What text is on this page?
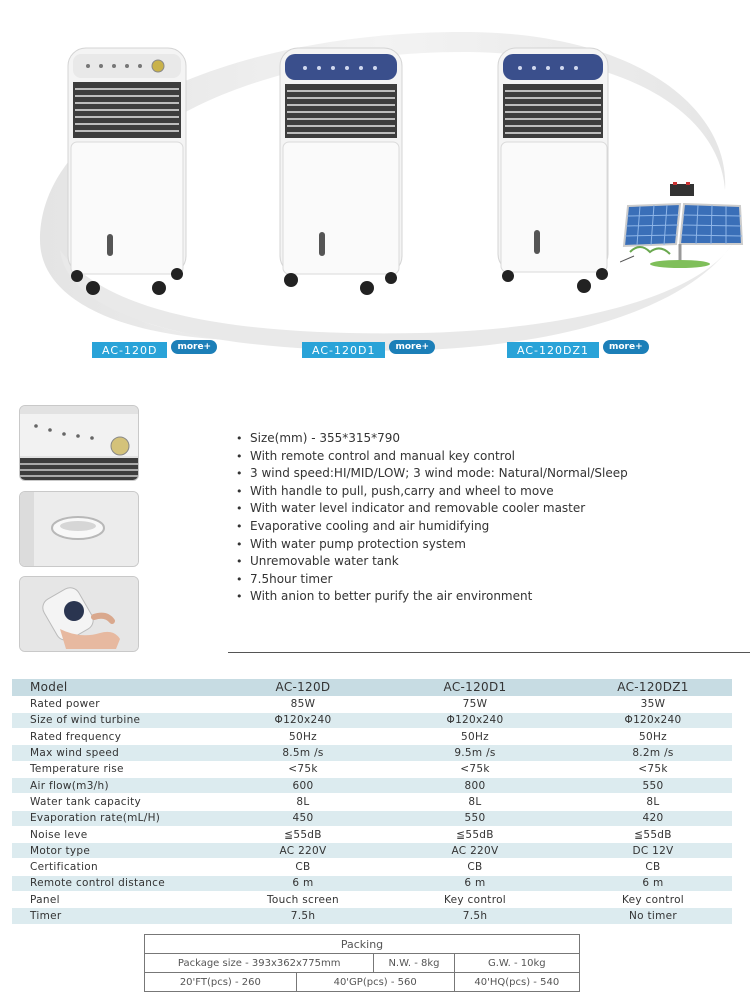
AC-120D	more+	AC-120D1	more+	AC-120DZ1	more+
• Size(mm) - 355*315*790
• With remote control and manual key control
• 3 wind speed:HI/MID/LOW; 3 wind mode: Natural/Normal/Sleep
• With handle to pull, push,carry and wheel to move
• With water level indicator and removable cooler master
• Evaporative cooling and air humidifying
• With water pump protection system
• Unremovable water tank
• 7.5hour timer
• With anion to better purify the air environment
Model	AC-120D	AC-120D1	AC-120DZ1
Rated power	85W	75W	35W
Size of wind turbine	Φ120x240	Φ120x240	Φ120x240
Rated frequency	50Hz	50Hz	50Hz
Max wind speed	8.5m /s	9.5m /s	8.2m /s
Temperature rise	<75k	<75k	<75k
Air flow(m3/h)	600	800	550
Water tank capacity	8L	8L	8L
Evaporation rate(mL/H)	450	550	420
Noise leve	≦55dB	≦55dB	≦55dB
Motor type	AC 220V	AC 220V	DC 12V
Certification	CB	CB	CB
Remote control distance	6 m	6 m	6 m
Panel	Touch screen	Key control	Key control
Timer	7.5h	7.5h	No timer
Packing			
Package size - 393x362x775mm		N.W. - 8kg	G.W. - 10kg
20'FT(pcs) - 260	40'GP(pcs) - 560		40'HQ(pcs) - 540
